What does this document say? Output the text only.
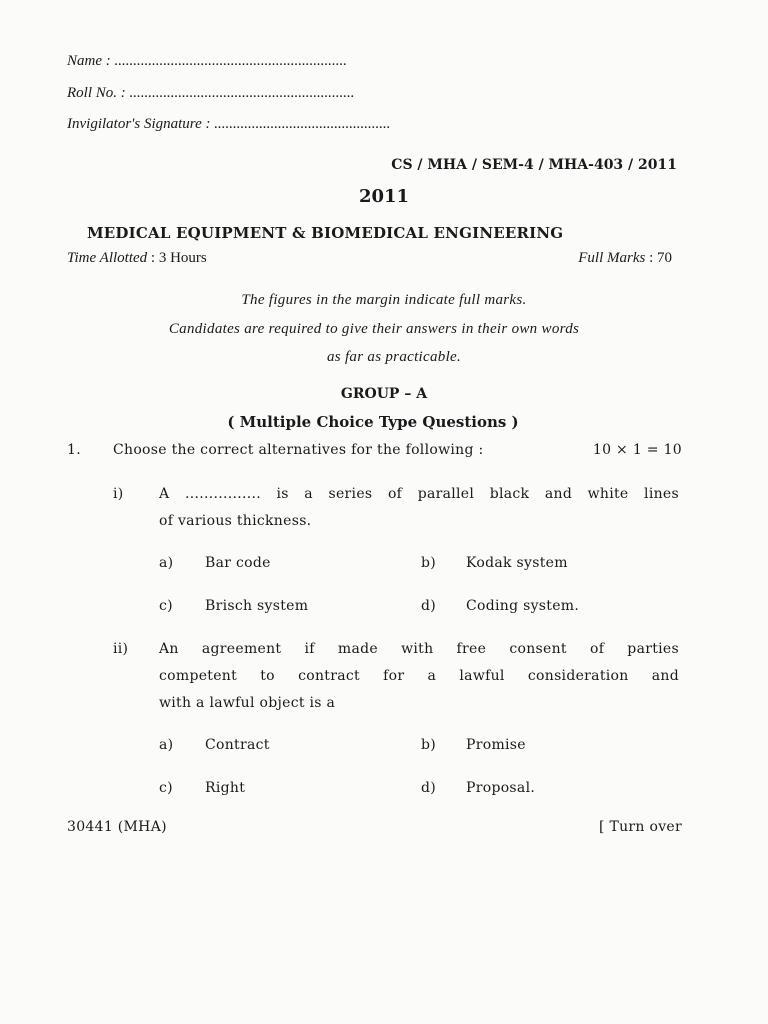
Name : ..............................................................
Roll No. : ............................................................
Invigilator's Signature : ...............................................
CS / MHA / SEM-4 / MHA-403 / 2011
2011
MEDICAL EQUIPMENT & BIOMEDICAL ENGINEERING
Time Allotted : 3 Hours	Full Marks : 70
The figures in the margin indicate full marks.
Candidates are required to give their answers in their own words
as far as practicable.
GROUP – A
( Multiple Choice Type Questions )
1. Choose the correct alternatives for the following :	10 × 1 = 10
i)	A ................ is a series of parallel black and white lines
of various thickness.
a) Bar code	b) Kodak system
c) Brisch system	d) Coding system.
ii) An agreement if made with free consent of parties
competent to contract for a lawful consideration and
with a lawful object is a
a) Contract	b) Promise
c) Right	d) Proposal.
30441 (MHA)	[ Turn over
